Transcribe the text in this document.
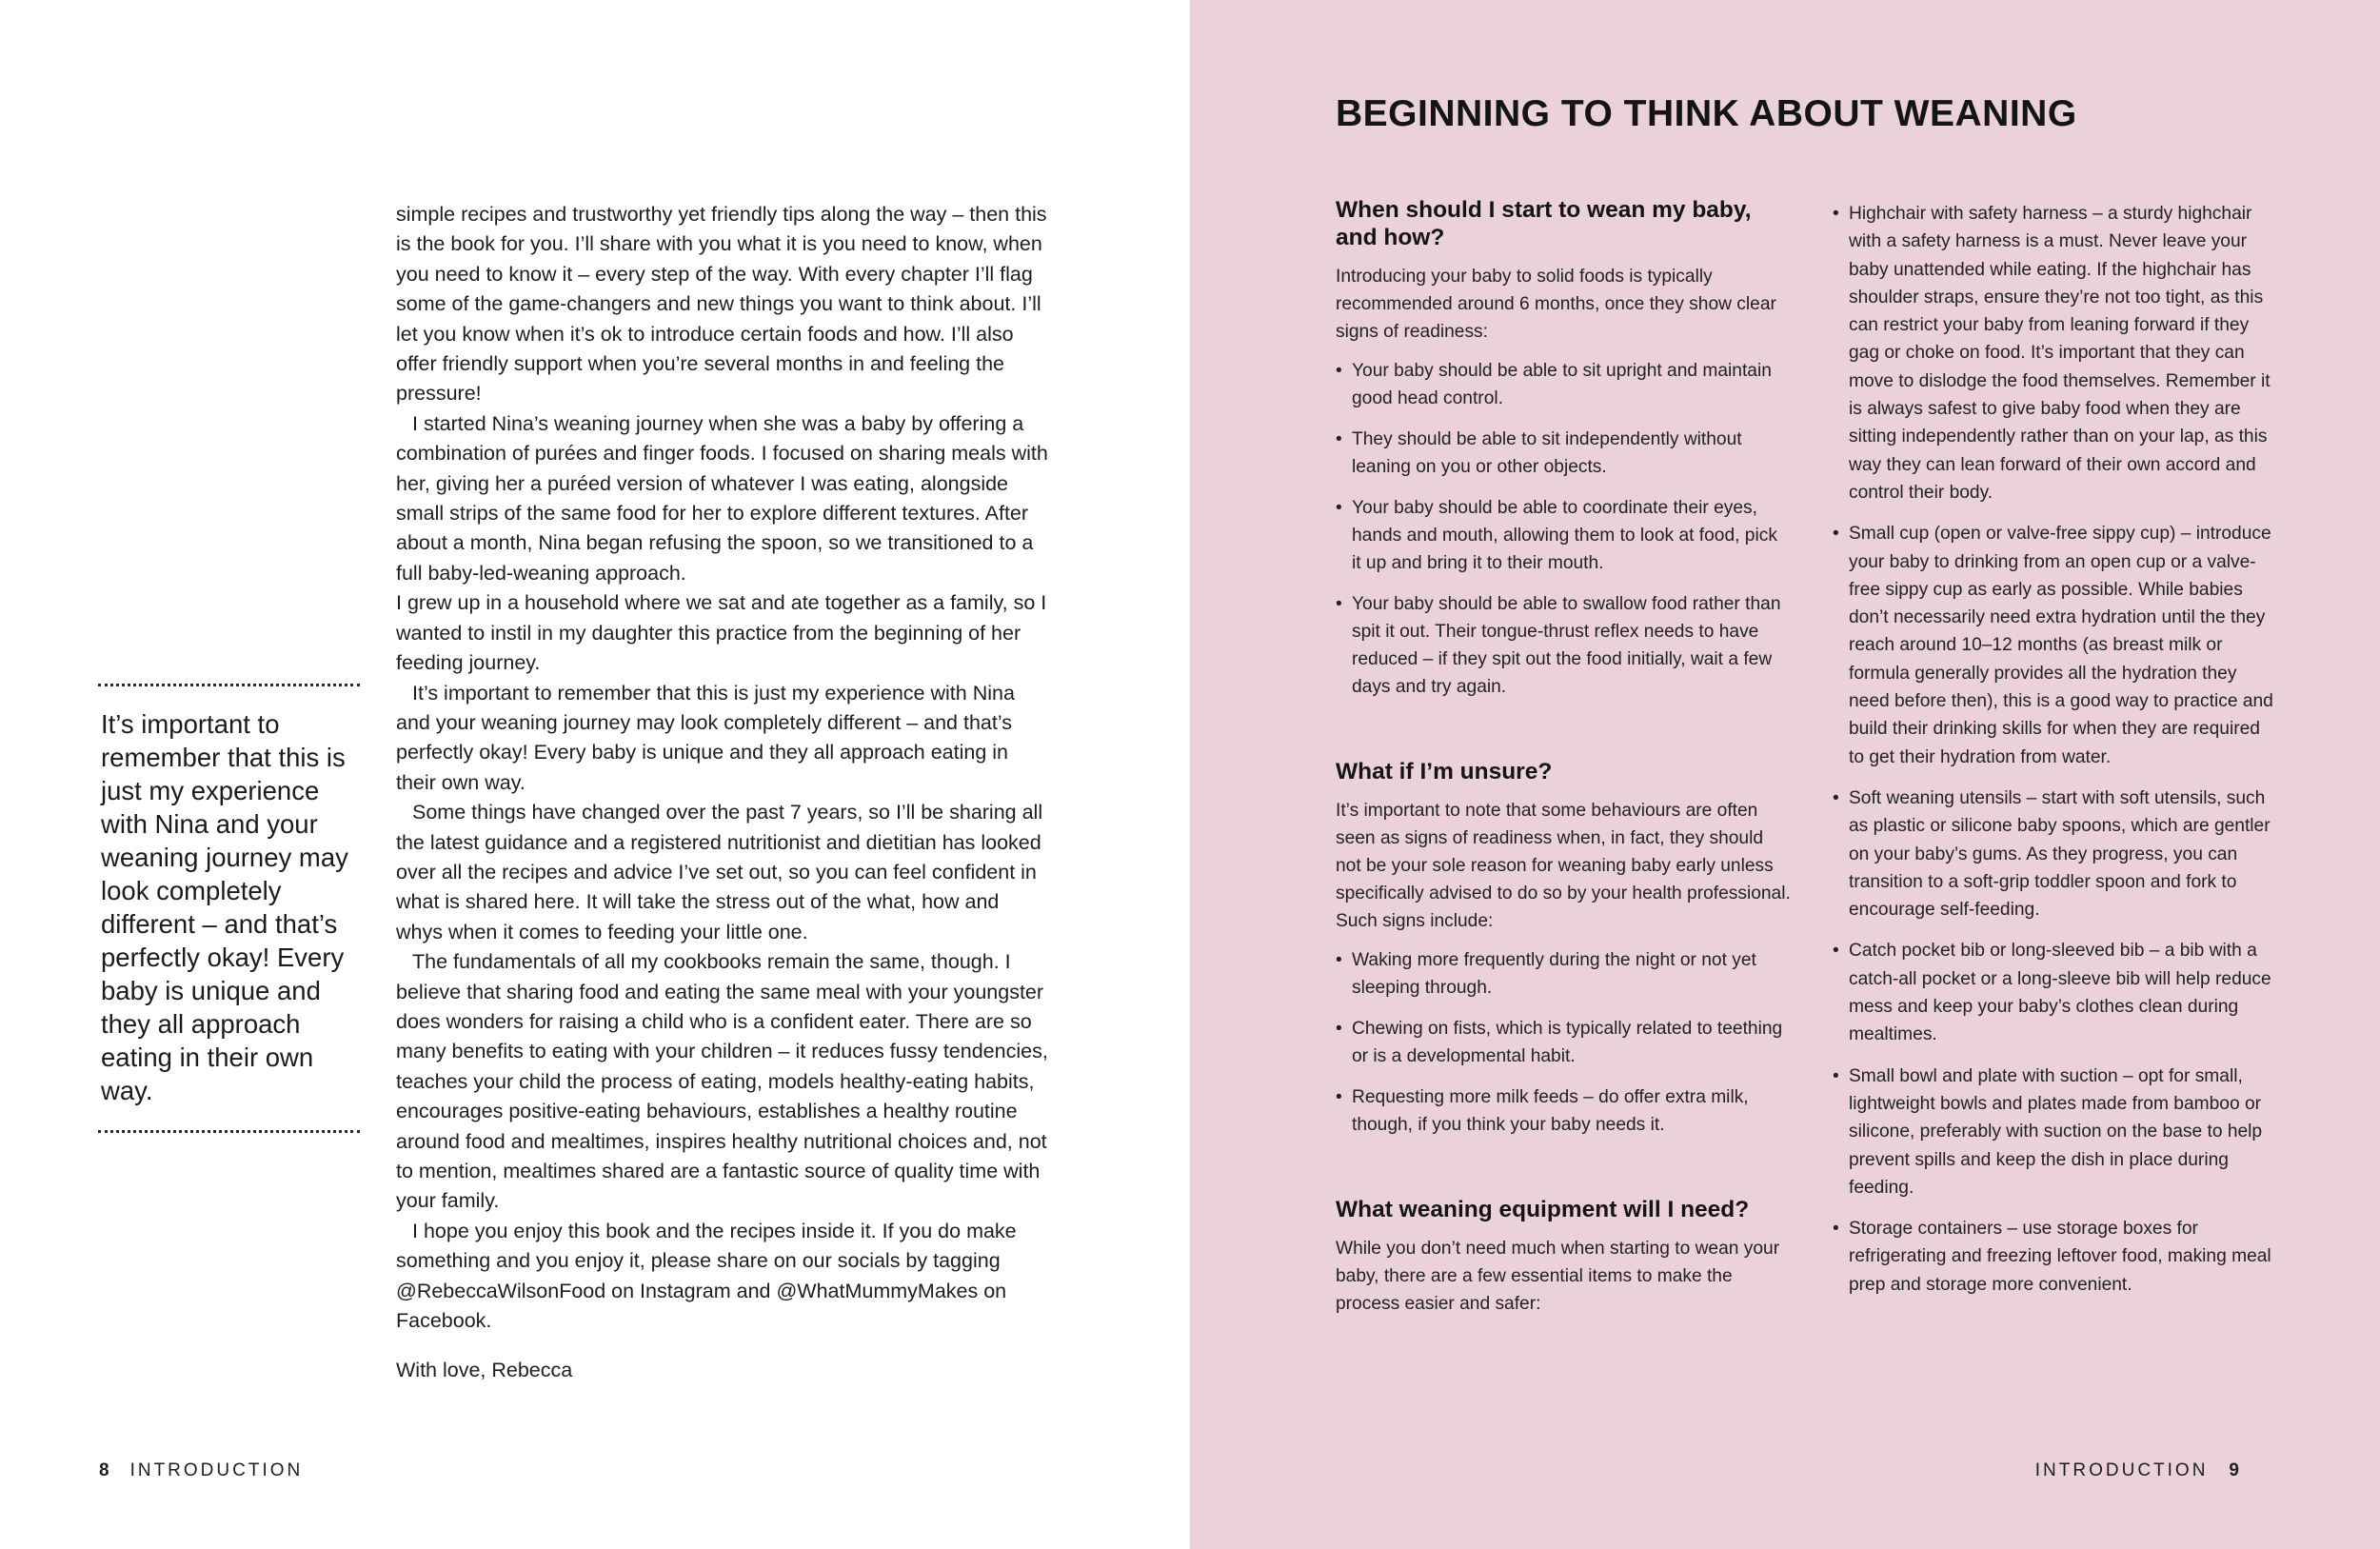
It’s important to remember that this is just my experience with Nina and your weaning journey may look completely different – and that’s perfectly okay! Every baby is unique and they all approach eating in their own way.

simple recipes and trustworthy yet friendly tips along the way – then this is the book for you. I’ll share with you what it is you need to know, when you need to know it – every step of the way. With every chapter I’ll flag some of the game-changers and new things you want to think about. I’ll let you know when it’s ok to introduce certain foods and how. I’ll also offer friendly support when you’re several months in and feeling the pressure!

I started Nina’s weaning journey when she was a baby by offering a combination of purées and finger foods. I focused on sharing meals with her, giving her a puréed version of whatever I was eating, alongside small strips of the same food for her to explore different textures. After about a month, Nina began refusing the spoon, so we transitioned to a full baby-led-weaning approach.

I grew up in a household where we sat and ate together as a family, so I wanted to instil in my daughter this practice from the beginning of her feeding journey.

It’s important to remember that this is just my experience with Nina and your weaning journey may look completely different – and that’s perfectly okay! Every baby is unique and they all approach eating in their own way.

Some things have changed over the past 7 years, so I’ll be sharing all the latest guidance and a registered nutritionist and dietitian has looked over all the recipes and advice I’ve set out, so you can feel confident in what is shared here. It will take the stress out of the what, how and whys when it comes to feeding your little one.

The fundamentals of all my cookbooks remain the same, though. I believe that sharing food and eating the same meal with your youngster does wonders for raising a child who is a confident eater. There are so many benefits to eating with your children – it reduces fussy tendencies, teaches your child the process of eating, models healthy-eating habits, encourages positive-eating behaviours, establishes a healthy routine around food and mealtimes, inspires healthy nutritional choices and, not to mention, mealtimes shared are a fantastic source of quality time with your family.

I hope you enjoy this book and the recipes inside it. If you do make something and you enjoy it, please share on our socials by tagging @RebeccaWilsonFood on Instagram and @WhatMummyMakes on Facebook.

With love, Rebecca

8 INTRODUCTION
BEGINNING TO THINK ABOUT WEANING
When should I start to wean my baby, and how?

Introducing your baby to solid foods is typically recommended around 6 months, once they show clear signs of readiness:

• Your baby should be able to sit upright and maintain good head control.
• They should be able to sit independently without leaning on you or other objects.
• Your baby should be able to coordinate their eyes, hands and mouth, allowing them to look at food, pick it up and bring it to their mouth.
• Your baby should be able to swallow food rather than spit it out. Their tongue-thrust reflex needs to have reduced – if they spit out the food initially, wait a few days and try again.
What if I’m unsure?

It’s important to note that some behaviours are often seen as signs of readiness when, in fact, they should not be your sole reason for weaning baby early unless specifically advised to do so by your health professional. Such signs include:

• Waking more frequently during the night or not yet sleeping through.
• Chewing on fists, which is typically related to teething or is a developmental habit.
• Requesting more milk feeds – do offer extra milk, though, if you think your baby needs it.
What weaning equipment will I need?

While you don’t need much when starting to wean your baby, there are a few essential items to make the process easier and safer:

• Highchair with safety harness – a sturdy highchair with a safety harness is a must. Never leave your baby unattended while eating. If the highchair has shoulder straps, ensure they’re not too tight, as this can restrict your baby from leaning forward if they gag or choke on food. It’s important that they can move to dislodge the food themselves. Remember it is always safest to give baby food when they are sitting independently rather than on your lap, as this way they can lean forward of their own accord and control their body.
• Small cup (open or valve-free sippy cup) – introduce your baby to drinking from an open cup or a valve-free sippy cup as early as possible. While babies don’t necessarily need extra hydration until the they reach around 10–12 months (as breast milk or formula generally provides all the hydration they need before then), this is a good way to practice and build their drinking skills for when they are required to get their hydration from water.
• Soft weaning utensils – start with soft utensils, such as plastic or silicone baby spoons, which are gentler on your baby’s gums. As they progress, you can transition to a soft-grip toddler spoon and fork to encourage self-feeding.
• Catch pocket bib or long-sleeved bib – a bib with a catch-all pocket or a long-sleeve bib will help reduce mess and keep your baby’s clothes clean during mealtimes.
• Small bowl and plate with suction – opt for small, lightweight bowls and plates made from bamboo or silicone, preferably with suction on the base to help prevent spills and keep the dish in place during feeding.
• Storage containers – use storage boxes for refrigerating and freezing leftover food, making meal prep and storage more convenient.
INTRODUCTION 9
